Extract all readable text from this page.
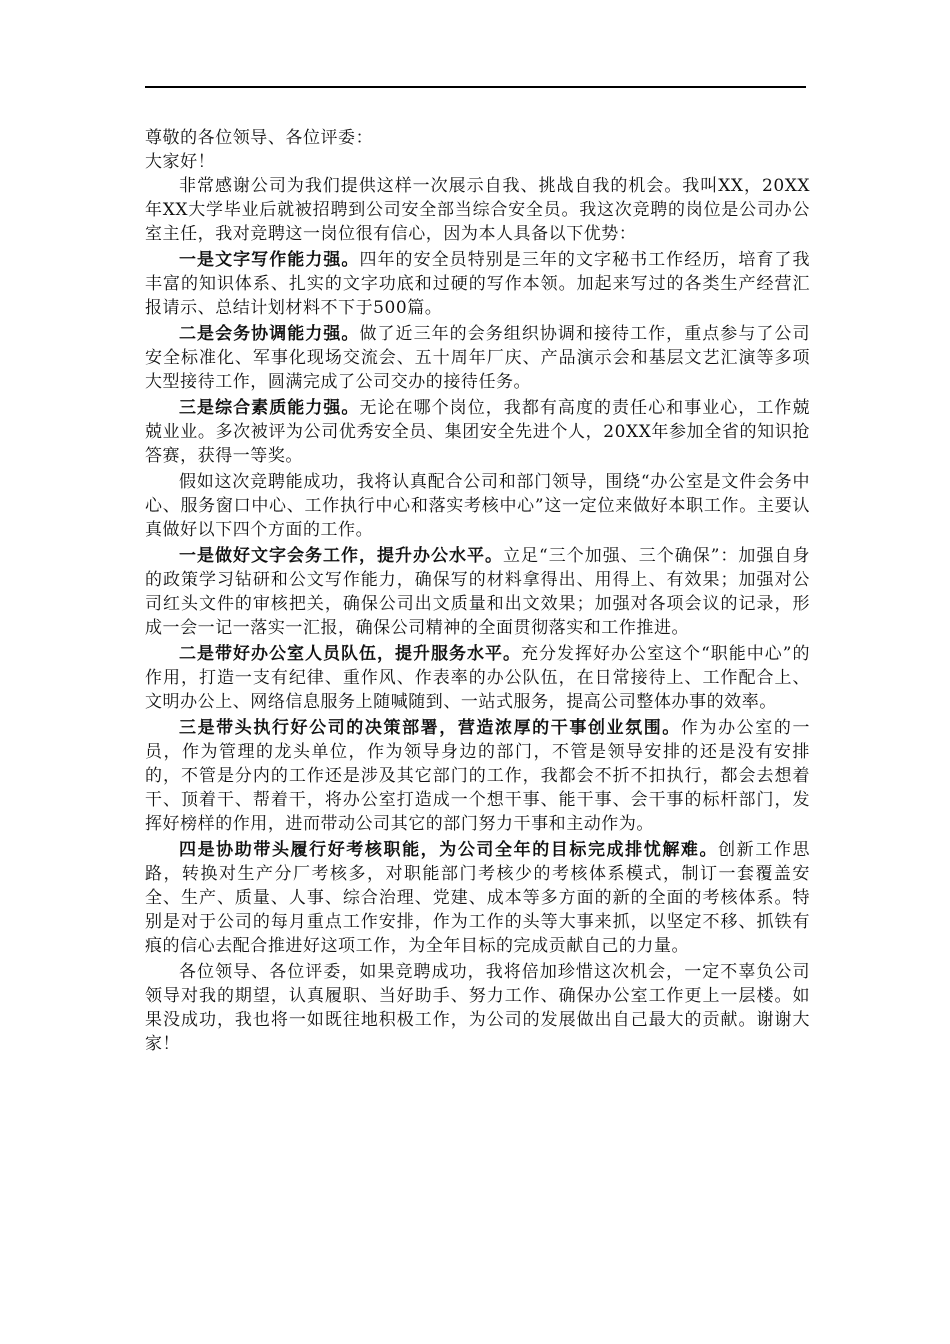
尊敬的各位领导、各位评委：

大家好！

非常感谢公司为我们提供这样一次展示自我、挑战自我的机会。我叫XX，20XX年XX大学毕业后就被招聘到公司安全部当综合安全员。我这次竞聘的岗位是公司办公室主任，我对竞聘这一岗位很有信心，因为本人具备以下优势：

一是文字写作能力强。四年的安全员特别是三年的文字秘书工作经历，培育了我丰富的知识体系、扎实的文字功底和过硬的写作本领。加起来写过的各类生产经营汇报请示、总结计划材料不下于500篇。

二是会务协调能力强。做了近三年的会务组织协调和接待工作，重点参与了公司安全标准化、军事化现场交流会、五十周年厂庆、产品演示会和基层文艺汇演等多项大型接待工作，圆满完成了公司交办的接待任务。

三是综合素质能力强。无论在哪个岗位，我都有高度的责任心和事业心，工作兢兢业业。多次被评为公司优秀安全员、集团安全先进个人，20XX年参加全省的知识抢答赛，获得一等奖。

假如这次竞聘能成功，我将认真配合公司和部门领导，围绕“办公室是文件会务中心、服务窗口中心、工作执行中心和落实考核中心”这一定位来做好本职工作。主要认真做好以下四个方面的工作。

一是做好文字会务工作，提升办公水平。立足“三个加强、三个确保”：加强自身的政策学习钻研和公文写作能力，确保写的材料拿得出、用得上、有效果；加强对公司红头文件的审核把关，确保公司出文质量和出文效果；加强对各项会议的记录，形成一会一记一落实一汇报，确保公司精神的全面贯彻落实和工作推进。

二是带好办公室人员队伍，提升服务水平。充分发挥好办公室这个“职能中心”的作用，打造一支有纪律、重作风、作表率的办公队伍，在日常接待上、工作配合上、文明办公上、网络信息服务上随喊随到、一站式服务，提高公司整体办事的效率。

三是带头执行好公司的决策部署，营造浓厚的干事创业氛围。作为办公室的一员，作为管理的龙头单位，作为领导身边的部门，不管是领导安排的还是没有安排的，不管是分内的工作还是涉及其它部门的工作，我都会不折不扣执行，都会去想着干、顶着干、帮着干，将办公室打造成一个想干事、能干事、会干事的标杆部门，发挥好榜样的作用，进而带动公司其它的部门努力干事和主动作为。

四是协助带头履行好考核职能，为公司全年的目标完成排忧解难。创新工作思路，转换对生产分厂考核多，对职能部门考核少的考核体系模式，制订一套覆盖安全、生产、质量、人事、综合治理、党建、成本等多方面的新的全面的考核体系。特别是对于公司的每月重点工作安排，作为工作的头等大事来抓，以坚定不移、抓铁有痕的信心去配合推进好这项工作，为全年目标的完成贡献自己的力量。

各位领导、各位评委，如果竞聘成功，我将倍加珍惜这次机会，一定不辜负公司领导对我的期望，认真履职、当好助手、努力工作、确保办公室工作更上一层楼。如果没成功，我也将一如既往地积极工作，为公司的发展做出自己最大的贡献。谢谢大家！
